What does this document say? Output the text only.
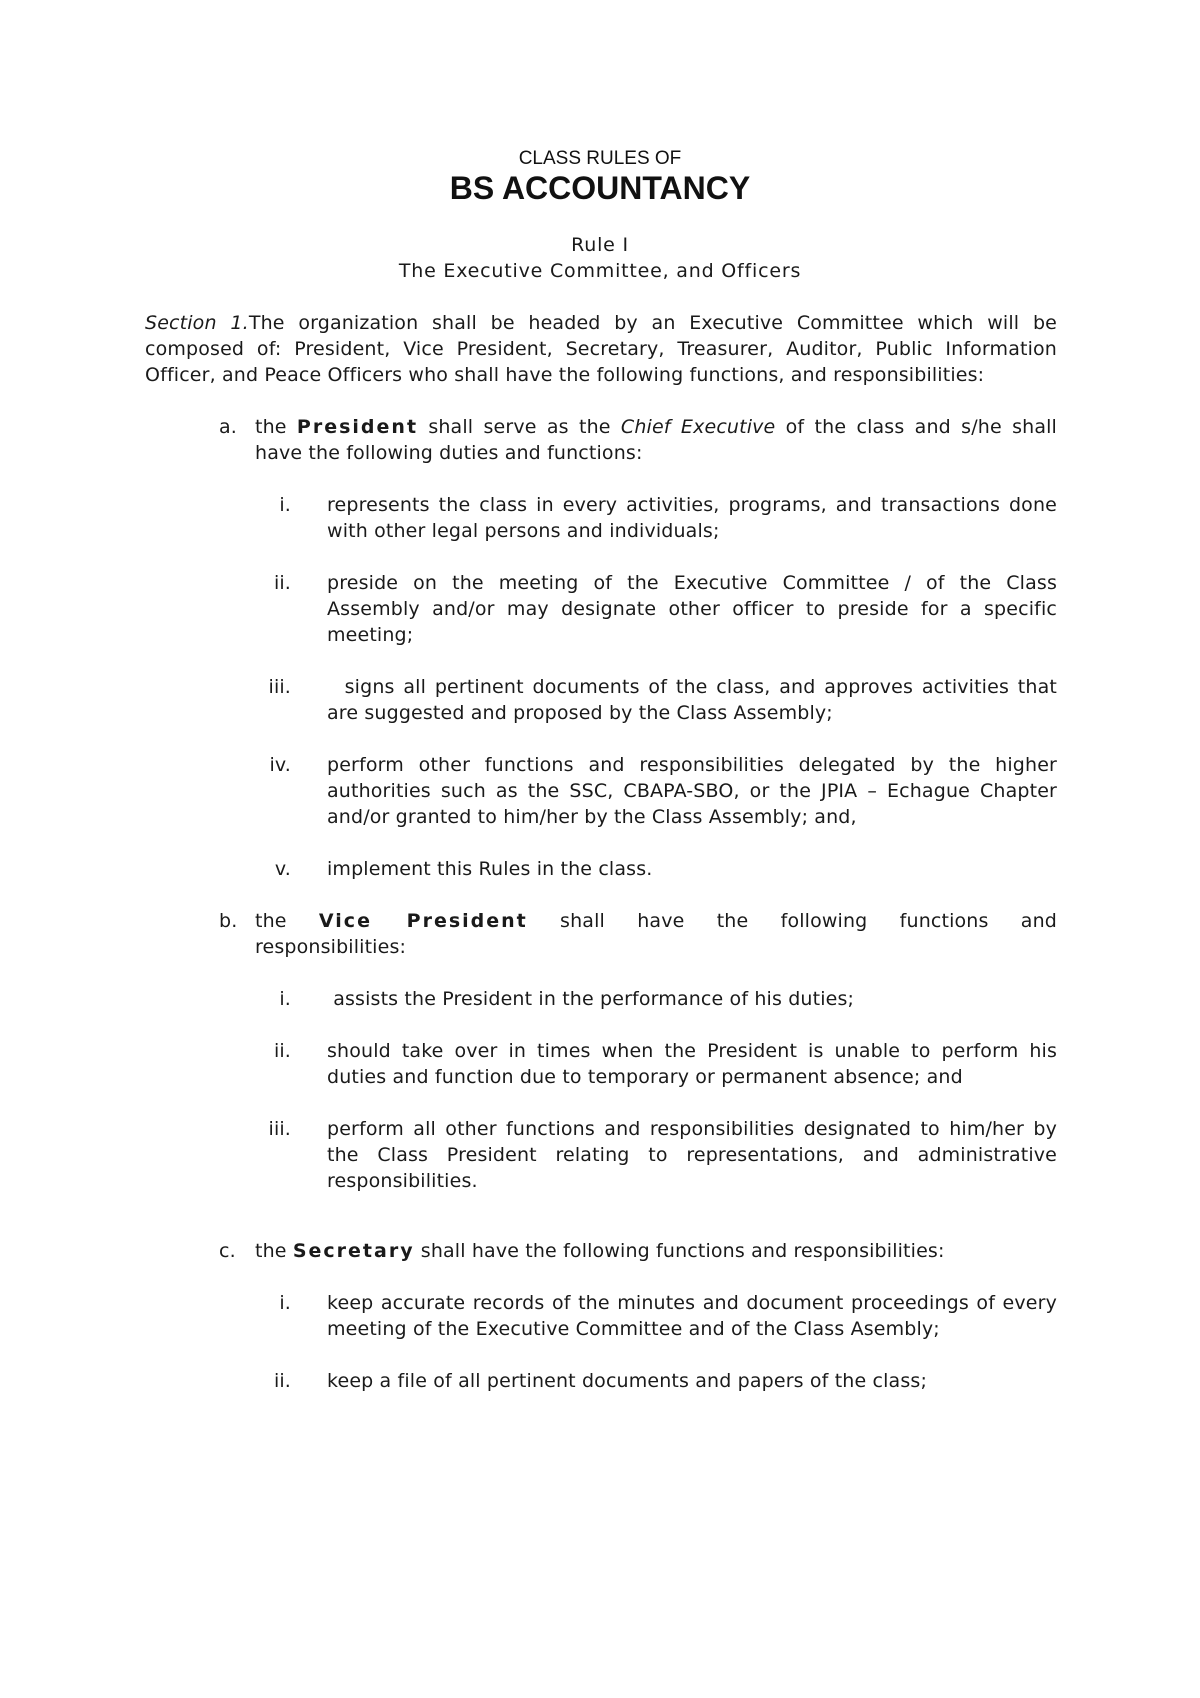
CLASS RULES OF
BS ACCOUNTANCY
Rule I
The Executive Committee, and Officers

Section 1.The organization shall be headed by an Executive Committee which will be composed of: President, Vice President, Secretary, Treasurer, Auditor, Public Information Officer, and Peace Officers who shall have the following functions, and responsibilities:

a. the President shall serve as the Chief Executive of the class and s/he shall have the following duties and functions:
i. represents the class in every activities, programs, and transactions done with other legal persons and individuals;
ii. preside on the meeting of the Executive Committee / of the Class Assembly and/or may designate other officer to preside for a specific meeting;
iii. signs all pertinent documents of the class, and approves activities that are suggested and proposed by the Class Assembly;
iv. perform other functions and responsibilities delegated by the higher authorities such as the SSC, CBAPA-SBO, or the JPIA – Echague Chapter and/or granted to him/her by the Class Assembly; and,
v. implement this Rules in the class.
b. the Vice President shall have the following functions and responsibilities:
i. assists the President in the performance of his duties;
ii. should take over in times when the President is unable to perform his duties and function due to temporary or permanent absence; and
iii. perform all other functions and responsibilities designated to him/her by the Class President relating to representations, and administrative responsibilities.
c. the Secretary shall have the following functions and responsibilities:
i. keep accurate records of the minutes and document proceedings of every meeting of the Executive Committee and of the Class Asembly;
ii. keep a file of all pertinent documents and papers of the class;
